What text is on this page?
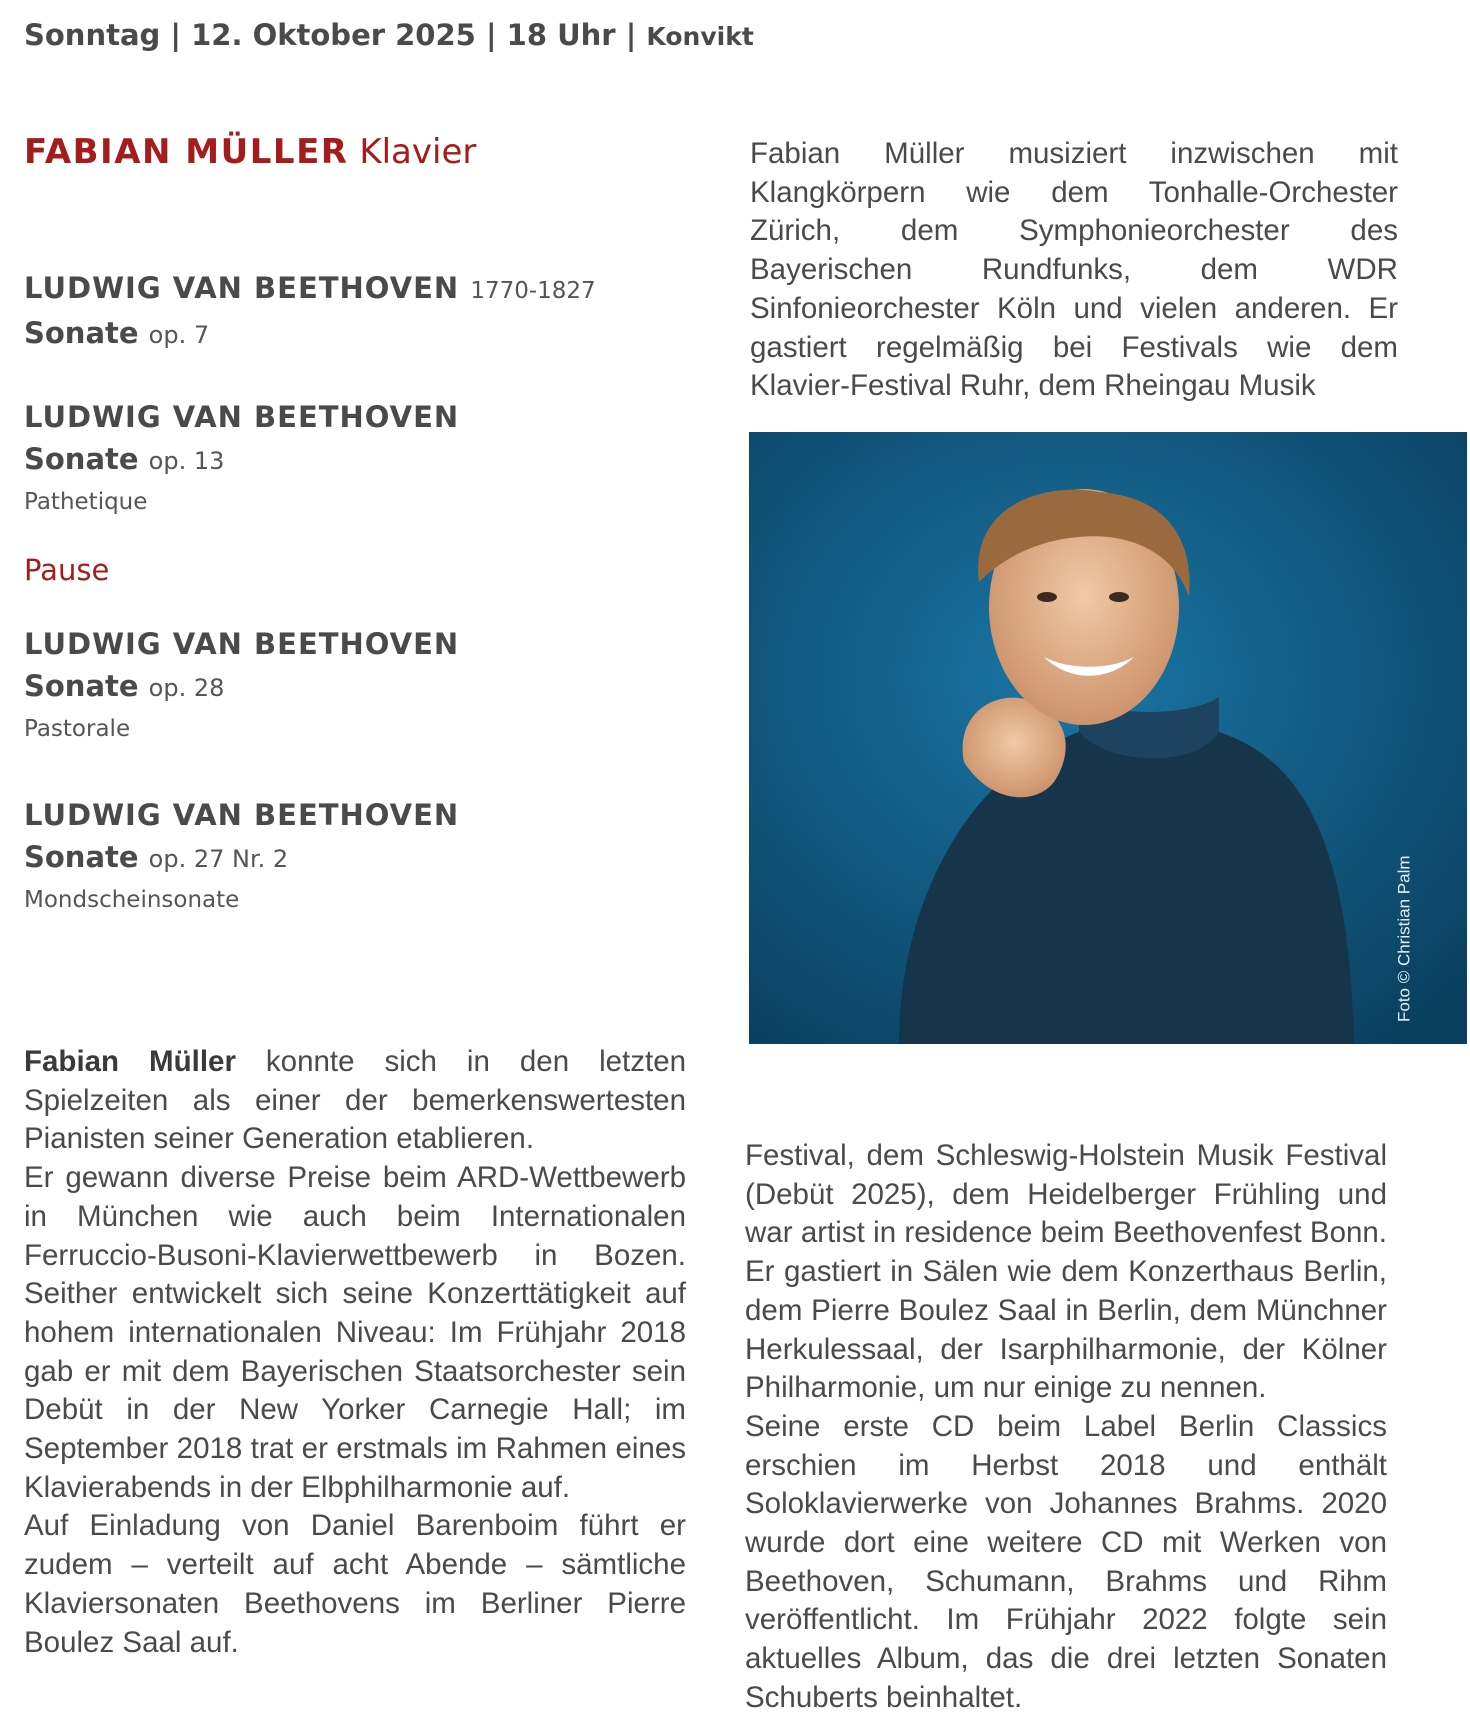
Sonntag | 12. Oktober 2025 | 18 Uhr | Konvikt
FABIAN MÜLLER Klavier
LUDWIG VAN BEETHOVEN 1770-1827
Sonate op. 7
LUDWIG VAN BEETHOVEN
Sonate op. 13
Pathetique
Pause
LUDWIG VAN BEETHOVEN
Sonate op. 28
Pastorale
LUDWIG VAN BEETHOVEN
Sonate op. 27 Nr. 2
Mondscheinsonate

Fabian Müller musiziert inzwischen mit Klangkörpern wie dem Tonhalle-Orchester Zürich, dem Symphonieorchester des Bayerischen Rundfunks, dem WDR Sinfonieorchester Köln und vielen anderen. Er gastiert regelmäßig bei Festivals wie dem Klavier-Festival Ruhr, dem Rheingau Musik

Foto © Christian Palm

Fabian Müller konnte sich in den letzten Spielzeiten als einer der bemerkenswertesten Pianisten seiner Generation etablieren.

Er gewann diverse Preise beim ARD-Wettbewerb in München wie auch beim Internationalen Ferruccio-Busoni-Klavierwettbewerb in Bozen. Seither entwickelt sich seine Konzerttätigkeit auf hohem internationalen Niveau: Im Frühjahr 2018 gab er mit dem Bayerischen Staatsorchester sein Debüt in der New Yorker Carnegie Hall; im September 2018 trat er erstmals im Rahmen eines Klavierabends in der Elbphilharmonie auf.

Auf Einladung von Daniel Barenboim führt er zudem – verteilt auf acht Abende – sämtliche Klaviersonaten Beethovens im Berliner Pierre Boulez Saal auf.

Festival, dem Schleswig-Holstein Musik Festival (Debüt 2025), dem Heidelberger Frühling und war artist in residence beim Beethovenfest Bonn. Er gastiert in Sälen wie dem Konzerthaus Berlin, dem Pierre Boulez Saal in Berlin, dem Münchner Herkulessaal, der Isarphilharmonie, der Kölner Philharmonie, um nur einige zu nennen.

Seine erste CD beim Label Berlin Classics erschien im Herbst 2018 und enthält Soloklavierwerke von Johannes Brahms. 2020 wurde dort eine weitere CD mit Werken von Beethoven, Schumann, Brahms und Rihm veröffentlicht. Im Frühjahr 2022 folgte sein aktuelles Album, das die drei letzten Sonaten Schuberts beinhaltet.
